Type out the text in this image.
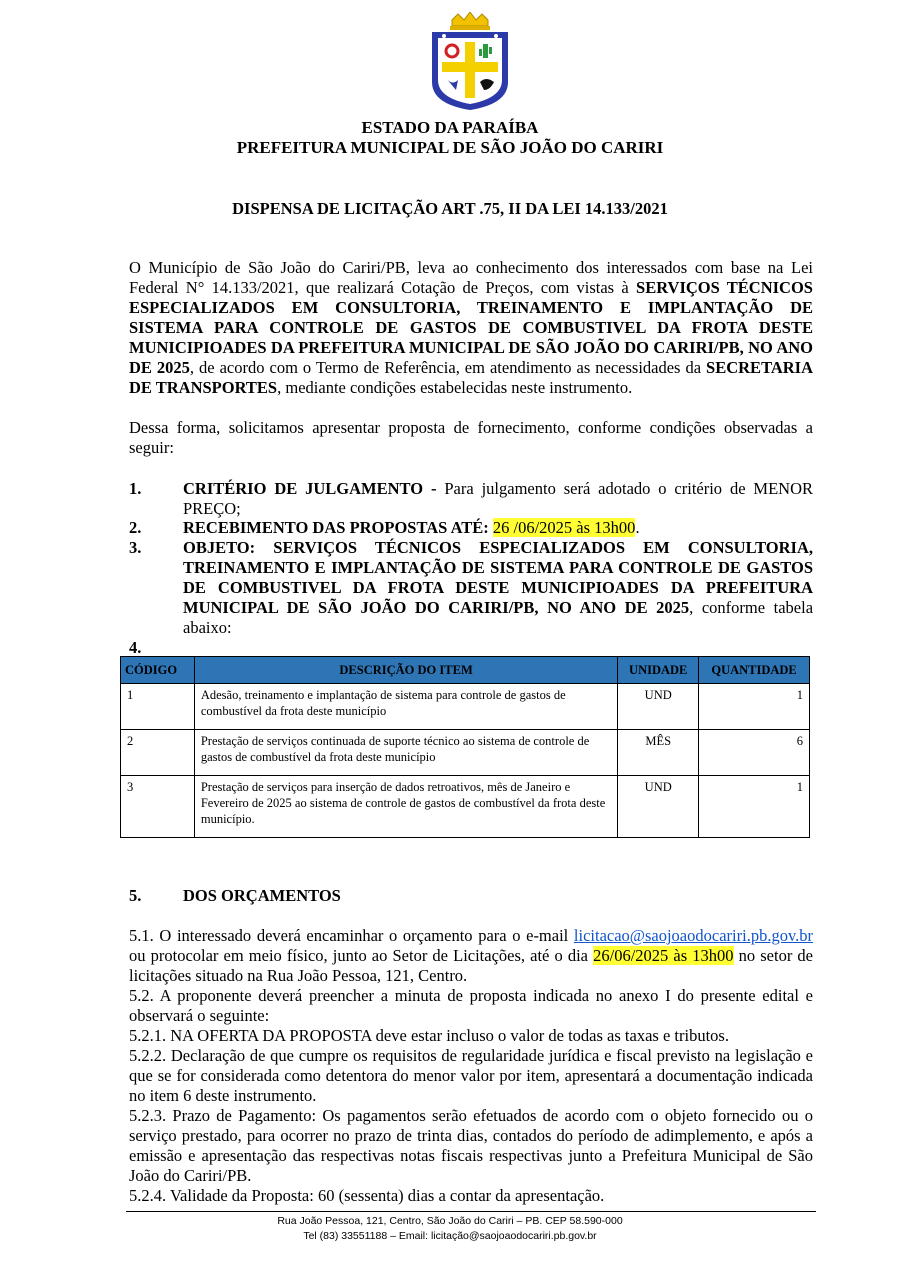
ESTADO DA PARAÍBA
PREFEITURA MUNICIPAL DE SÃO JOÃO DO CARIRI
DISPENSA DE LICITAÇÃO ART .75, II DA LEI 14.133/2021
O Município de São João do Cariri/PB, leva ao conhecimento dos interessados com base na Lei Federal N° 14.133/2021, que realizará Cotação de Preços, com vistas à SERVIÇOS TÉCNICOS ESPECIALIZADOS EM CONSULTORIA, TREINAMENTO E IMPLANTAÇÃO DE SISTEMA PARA CONTROLE DE GASTOS DE COMBUSTIVEL DA FROTA DESTE MUNICIPIOADES DA PREFEITURA MUNICIPAL DE SÃO JOÃO DO CARIRI/PB, NO ANO DE 2025, de acordo com o Termo de Referência, em atendimento as necessidades da SECRETARIA DE TRANSPORTES, mediante condições estabelecidas neste instrumento.
Dessa forma, solicitamos apresentar proposta de fornecimento, conforme condições observadas a seguir:
1.	CRITÉRIO DE JULGAMENTO - Para julgamento será adotado o critério de MENOR PREÇO;
2.	RECEBIMENTO DAS PROPOSTAS ATÉ: 26 /06/2025 às 13h00.
3.	OBJETO: SERVIÇOS TÉCNICOS ESPECIALIZADOS EM CONSULTORIA, TREINAMENTO E IMPLANTAÇÃO DE SISTEMA PARA CONTROLE DE GASTOS DE COMBUSTIVEL DA FROTA DESTE MUNICIPIOADES DA PREFEITURA MUNICIPAL DE SÃO JOÃO DO CARIRI/PB, NO ANO DE 2025, conforme tabela abaixo:
4.
CÓDIGO	DESCRIÇÃO DO ITEM	UNIDADE	QUANTIDADE
1	Adesão, treinamento e implantação de sistema para controle de gastos de combustível da frota deste município	UND	1
2	Prestação de serviços continuada de suporte técnico ao sistema de controle de gastos de combustível da frota deste município	MÊS	6
3	Prestação de serviços para inserção de dados retroativos, mês de Janeiro e Fevereiro de 2025 ao sistema de controle de gastos de combustível da frota deste município.	UND	1
5.	DOS ORÇAMENTOS
5.1. O interessado deverá encaminhar o orçamento para o e-mail licitacao@saojoaodocariri.pb.gov.br ou protocolar em meio físico, junto ao Setor de Licitações, até o dia 26/06/2025 às 13h00 no setor de licitações situado na Rua João Pessoa, 121, Centro.
5.2. A proponente deverá preencher a minuta de proposta indicada no anexo I do presente edital e observará o seguinte:
5.2.1. NA OFERTA DA PROPOSTA deve estar incluso o valor de todas as taxas e tributos.
5.2.2. Declaração de que cumpre os requisitos de regularidade jurídica e fiscal previsto na legislação e que se for considerada como detentora do menor valor por item, apresentará a documentação indicada no item 6 deste instrumento.
5.2.3. Prazo de Pagamento: Os pagamentos serão efetuados de acordo com o objeto fornecido ou o serviço prestado, para ocorrer no prazo de trinta dias, contados do período de adimplemento, e após a emissão e apresentação das respectivas notas fiscais respectivas junto a Prefeitura Municipal de São João do Cariri/PB.
5.2.4. Validade da Proposta: 60 (sessenta) dias a contar da apresentação.
Rua João Pessoa, 121, Centro, São João do Cariri – PB. CEP 58.590-000
Tel (83) 33551188 – Email: licitação@saojoaodocariri.pb.gov.br
